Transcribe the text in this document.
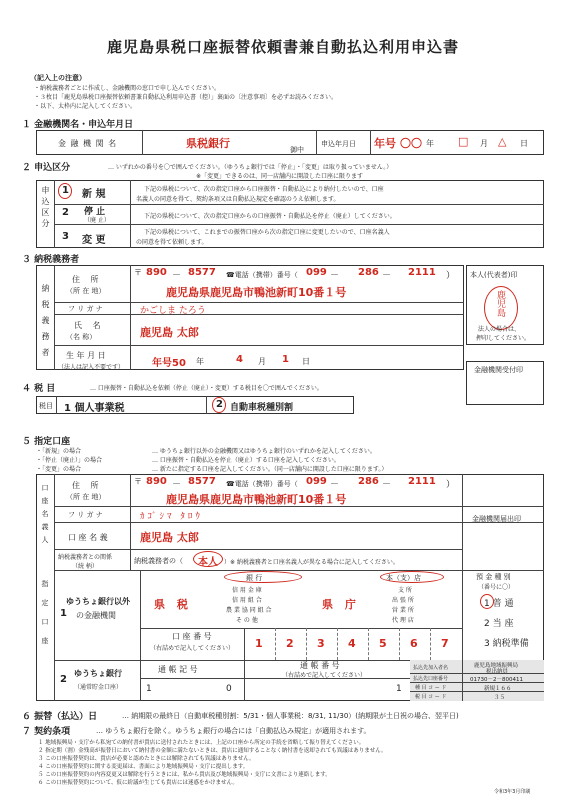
鹿児島県税口座振替依頼書兼自動払込利用申込書
（記入上の注意）
・納税義務者ごとに作成し、金融機関の窓口で申し込んでください。
・３枚目「鹿児島県税口座振替依頼書兼自動払込利用申込書（控）」裏面の〔注意事項〕を必ずお読みください。
・以下、太枠内に記入してください。
１ 金融機関名・申込年月日
金 融 機 関 名	県税銀行	御中
申込年月日 年号 〇〇 年 □ 月 △ 日
２ 申込区分	… いずれかの番号を〇で囲んでください。（ゆうちょ銀行では「停止」・「変更」は取り扱っていません。）
※「変更」できるのは、同一店舗内に開設した口座に限ります
申込区分 1 新 規	下記の県税について、次の指定口座から口座振替・自動払込により納付したいので、口座
名義人の同意を得て、契約条項又は自動払込規定を確認のうえ依頼します。
2 停 止
（廃 止）
下記の県税について、次の指定口座からの口座振替・自動払込を停止（廃止）してください。
3 変 更
下記の県税について、これまでの振替口座から次の指定口座に変更したいので、口座名義人
の同意を得て依頼します。
３ 納税義務者
納税義務者
住 所
（所 在 地）
〒 890 － 8577 ☎電話（携帯）番号（ 099 － 286 － 2111 ）
鹿児島県鹿児島市鴨池新町10番１号
フ リ ガ ナ	かごしま たろう
氏 名
（名 称）	鹿児島 太郎
生 年 月 日
（法人は記入不要です）	年号50 年	4 月 1 日
本人(代表者)印
鹿児島
法人の場合は、
押印してください。
金融機関受付印
４ 税 目	… 口座振替・自動払込を依頼（停止（廃止）・変更）する税目を〇で囲んでください。
税目 1 個人事業税	2 自動車税種別割
５ 指定口座
・「新規」の場合	… ゆうちょ銀行以外の金融機関又はゆうちょ銀行のいずれかを記入してください。
・「停止（廃止）」の場合	… 口座振替・自動払込を停止（廃止）する口座を記入してください。
・「変更」の場合	… 新たに指定する口座を記入してください。（同一店舗内に開設した口座に限ります。）
口座名義人	住 所
（所 在 地）
〒 890 － 8577 ☎電話（携帯）番号（ 099 － 286 － 2111 ）
鹿児島県鹿児島市鴨池新町10番１号
フ リ ガ ナ	ｶｺﾞｼﾏ ﾀﾛｳ
口 座 名 義	鹿児島 太郎
納税義務者との関係
（続 柄）
納税義務者の（ 本人 ）※ 納税義務者と口座名義人が異なる場合に記入してください。
金融機関届出印
指定口座 1
ゆうちょ銀行以外
の金融機関
県 税
銀 行
信 用 金 庫
信 用 組 合
農 業 協 同 組 合
そ の 他
県 庁
本（支）店
支 所
出 張 所
営 業 所
代 理 店
口 座 番 号
（右詰めで記入してください） 1 2 3 4 5 6 7
預 金 種 別
（番号に〇）
1 普 通
2 当 座
3 納税準備
2
ゆうちょ銀行
（通常貯金口座）
通 帳 記 号	通 帳 番 号
（右詰めで記入してください）
1	0	1
払込先加入者名	鹿児島地域振興局
税出納員
払込先口座番号	01730－2－800411
種 目 コ ー ド	新規１６６
税 目 コ ー ド	３５
６ 振替（払込）日	… 納期限の最終日（自動車税種別割：5/31・個人事業税：8/31, 11/30）(納期限が土日祝の場合、翌平日)
７ 契約条項	… ゆうちょ銀行を除く。ゆうちょ銀行の場合には「自動払込み規定」が適用されます。
１ 地域振興局・支庁から私宛ての納付書が貴店に送付されたときには、上記の口座から所定の手続を省略して振り替えてください。
２ 指定期（割）金残高が振替日において納付書の金額に満たないときは、貴店に通知することなく納付書を返却されても異議はありません。
３ この口座振替契約は、貴店が必要と認めたときには解除されても異議はありません。
４ この口座振替契約に関する変更届は、書面により地域振興局・支庁に提出します。
５ この口座振替契約の内容変更又は解除を行うときには、私から貴店及び地域振興局・支庁に文書により連絡します。
６ この口座振替契約について、仮に紛議が生じても貴店には迷惑をかけません。
令和3年3月印刷
